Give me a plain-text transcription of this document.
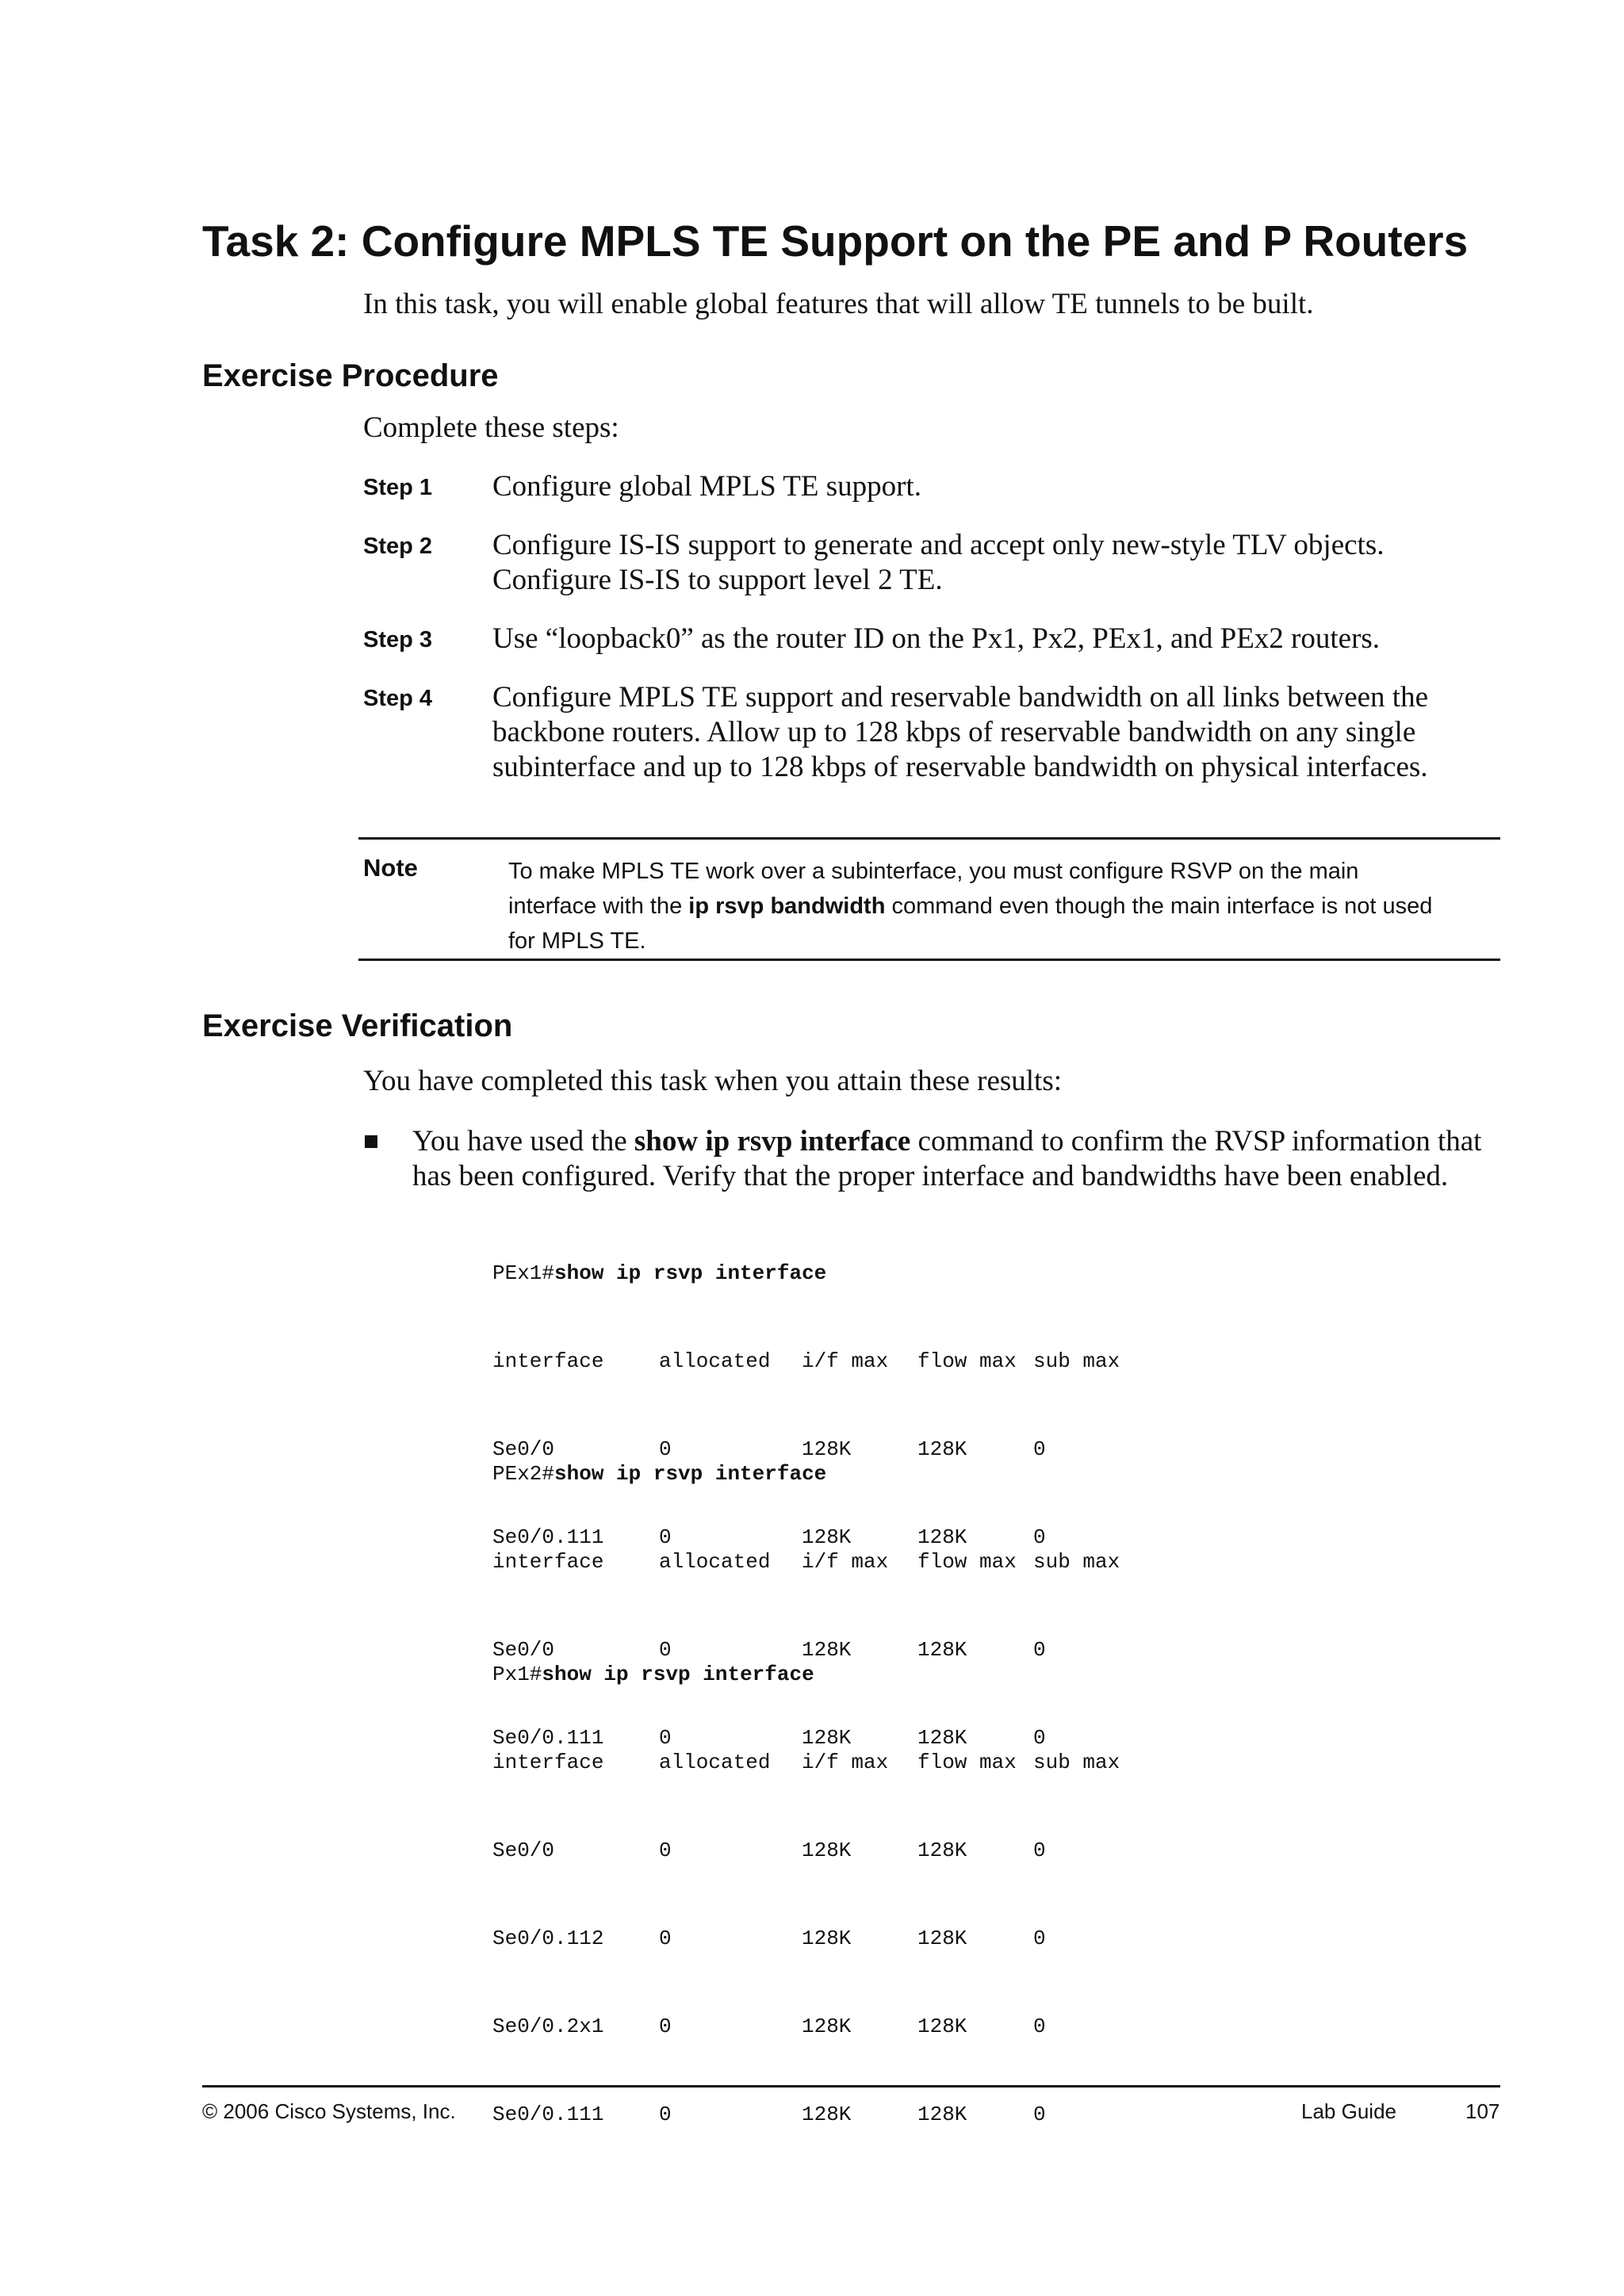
Task 2: Configure MPLS TE Support on the PE and P Routers

In this task, you will enable global features that will allow TE tunnels to be built.

Exercise Procedure

Complete these steps:

Step 1 Configure global MPLS TE support.
Step 2 Configure IS-IS support to generate and accept only new-style TLV objects.
Configure IS-IS to support level 2 TE.
Step 3 Use “loopback0” as the router ID on the Px1, Px2, PEx1, and PEx2 routers.
Step 4 Configure MPLS TE support and reservable bandwidth on all links between the
backbone routers. Allow up to 128 kbps of reservable bandwidth on any single
subinterface and up to 128 kbps of reservable bandwidth on physical interfaces.
Note	To make MPLS TE work over a subinterface, you must configure RSVP on the main
interface with the ip rsvp bandwidth command even though the main interface is not used
for MPLS TE.
Exercise Verification

You have completed this task when you attain these results:

You have used the show ip rsvp interface command to confirm the RVSP information that
has been configured. Verify that the proper interface and bandwidths have been enabled.

PEx1#show ip rsvp interface

interface	allocated i/f max flow max sub max

Se0/0	0	128K	128K	0

Se0/0.111	0	128K	128K	0

PEx2#show ip rsvp interface

interface	allocated i/f max flow max sub max

Se0/0	0	128K	128K	0

Se0/0.111	0	128K	128K	0

Px1#show ip rsvp interface

interface	allocated i/f max flow max sub max

Se0/0	0	128K	128K	0

Se0/0.112	0	128K	128K	0

Se0/0.2x1	0	128K	128K	0

Se0/0.111	0	128K	128K	0

© 2006 Cisco Systems, Inc.	Lab Guide	107
